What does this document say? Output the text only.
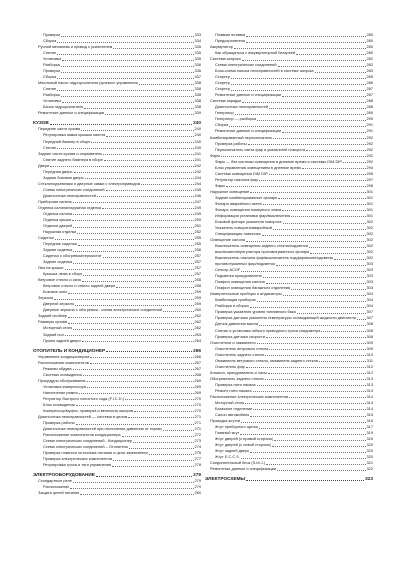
Проверка	333
Сборка	334
Ручной механизм и привод с усилителем	335
Снятие	335
Установка	335
Разборка	336
Проверка	336
Сборка	337
Масляный насос гидроусилителя рулевого управления	338
Снятие	338
Разборка	338
Установка	338
Бачок гидроусилителя	338
Ремонтные данные и спецификации	339
КУЗОВ	240
Передние части кузова	240
Регулировка замка крышки капота	240
Передний бампер в сборе	240
Снятие	240
Задние части кузова и открыватель	241
Снятие заднего бампера в сборе	241
Двери	242
Передняя дверь	242
Задняя боковая дверь	244
Стеклоподъемники и дверные замки с электроприводом	244
Схема электрических соединений	245
Диагностика неисправностей	246
Приборная панель	247
Отделка салона/наружная отделка	249
Отделка салона	249
Отделка крыши	250
Отделка дверей	251
Наружная отделка	252
Сиденья	255
Передние сиденья	255
Задние сиденья	256
Сиденья с обогревом/термостат	257
Задние сиденья	257
Люк на крыше	257
Крышка люка в сборе	257
Ветровое стекло и окна	258
Ветровое стекло и стекло задней двери	258
Боковое окно	259
Зеркала	259
Дверной зеркало	259
Дверные зеркала с обогревом - схема электрических соединений	260
Задний спойлер	262
Размеры кузова	262
Моторный отсек	262
Задний пол	263
Проем задней двери	264
ОТОПИТЕЛЬ И КОНДИЦИОНЕР	266
Управление кондиционером	266
Расположение компонентов	267
Режимы обдува	267
Система охлаждения	268
Процедуры обслуживания	269
Установка компрессора	269
Наполнение ремня	269
Регулятор быстрого холостого хода (F.I.C.D.)	270
Блок охлаждения	270
Компрессор/муфта, проверка и величина зазоров	270
Диагностика неисправностей — система в целом	271
Проверка работы	271
Диагностика неисправностей при отклонении давления от нормы	271
Расположение компонентов кондиционера	272
Схема электрических соединений - Кондиционер	273
Схема электрических соединений – Отопитель	274
Проверка главного источника питания и цепи заземления	275
Проверка электрических компонентов	277
Регулировка троса и тяги управления	278
ЭЛЕКТРООБОРУДОВАНИЕ	279
Стандартные реле	279
Расположение	279
Защита цепей питания	280
Плавкие вставки	280
Предохранители	280
Аккумулятор	280
Как обращаться с аккумуляторной батареей	280
Система запуска	282
Схема электрических соединений	282
Блок-схема поиска неисправностей в системе запуска	283
Стартер	285
Стартер	286
Стартер	287
Ремонтные данные и спецификации	287
Система зарядки	288
Диагностика неисправностей	288
Генератор	289
Генератор — разборка	290
Сборка	291
Ремонтные данные и спецификации	291
Комбинированный переключатель	292
Проверка работы	292
Переключатель света фар и указателей поворота	292
Фары	292
Фары — без системы освещения в дневное время и системы DIM DIP	292
Блок управления освещением в дневное время	294
Система освещения DIM DIP	295
Регулятор наклона фар	297
Фары	298
Наружное освещение	301
Задние комбинированные фонари	301
Фонари аварийного света	301
Фонарь освещения номерного знака	301
Информация установки фар/выключения	301
Боковой фонарь указателя поворота	302
Указатель поворота/аварийный	302
Спецификация лампочек	302
Освещение салона	302
Выключатель освещения заднего стекла/подсветки	302
выключателя/регулятора противотуманного фонаря	302
Выключатель наклона фар/выключатель подфарников/подсветки	302
противотуманных фар/подсветки	303
Сенсор ACOF	303
Подсветка прикуривателя	303
Плафон освещения салона	303
Плафон освещения багажного отделения	303
Измерительные приборы и индикаторы	304
Комбинация приборов	304
Разборка и сборка	304
Проверка указателя уровня топливного бака	307
Проверка датчика указателя температуры охлаждающей жидкости двигателя	307
Датчик давления масла	308
Снятие и установка гибкого приводного троса спидометра	308
Проверка датчика скорости	308
Очистители и омыватели	309
Очиститель ветрового стекла	309
Очиститель заднего стекла	310
Омыватель ветрового стекла, омыватель заднего стекла	311
Очиститель фар	312
Клаксон, прикуриватель и часы	312
Обогреватель заднего стекла	313
Проверка нити накала	313
Ремонт нити накала	313
Расположение электрических компонентов	314
Моторный отсек	314
Багажное отделение	314
Салон автомобиля	315
Проводка жгутов	316
Жгут приборного щитка	317
Главный жгут	319
Жгут дверей (с правой стороны)	320
Жгут дверей (с левой стороны)	320
Жгут задней двери	320
Жгут E.C.C.S.	320
Соединительный блок (S.M.J.)	321
Ремонтные данные и спецификации	322
ЭЛЕКТРОСХЕМЫ	323
